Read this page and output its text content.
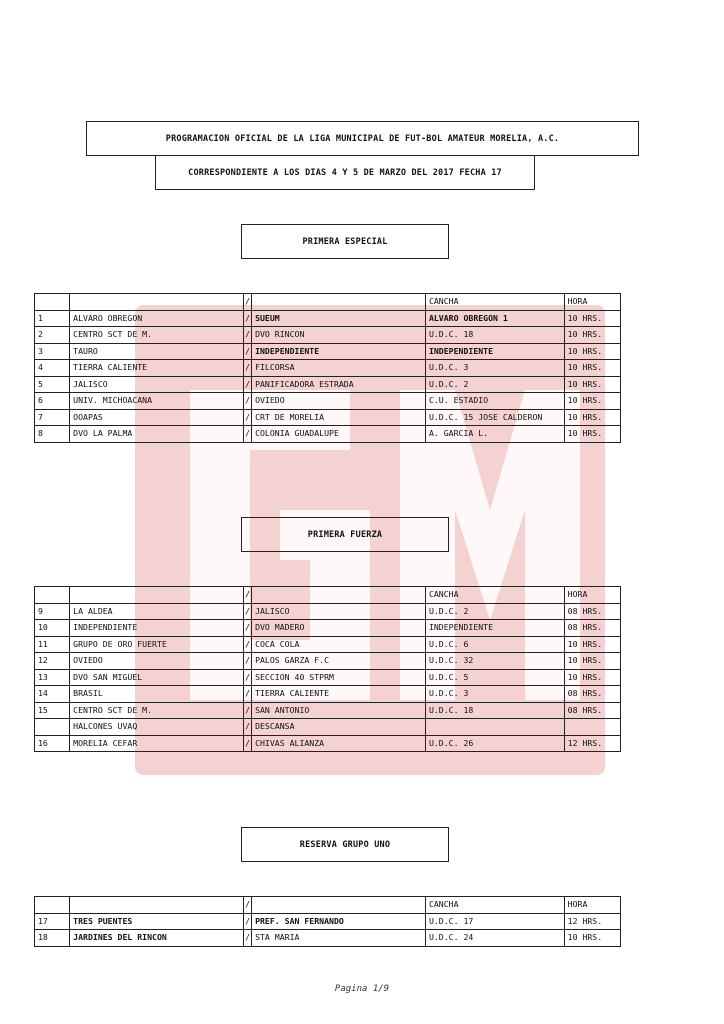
PROGRAMACION OFICIAL DE LA LIGA MUNICIPAL DE FUT-BOL AMATEUR MORELIA, A.C.
CORRESPONDIENTE A LOS DIAS 4 Y 5 DE MARZO DEL 2017 FECHA 17
PRIMERA ESPECIAL
		/		CANCHA	HORA
1	ALVARO OBREGON	/	SUEUM	ALVARO OBREGON 1	10 HRS.
2	CENTRO SCT DE M.	/	DVO RINCON	U.D.C. 18	10 HRS.
3	TAURO	/	INDEPENDIENTE	INDEPENDIENTE	10 HRS.
4	TIERRA CALIENTE	/	FILCORSA	U.D.C. 3	10 HRS.
5	JALISCO	/	PANIFICADORA ESTRADA	U.D.C. 2	10 HRS.
6	UNIV. MICHOACANA	/	OVIEDO	C.U. ESTADIO	10 HRS.
7	OOAPAS	/	CRT DE MORELIA	U.D.C. 15 JOSE CALDERON	10 HRS.
8	DVO LA PALMA	/	COLONIA GUADALUPE	A. GARCIA L.	10 HRS.
PRIMERA FUERZA
		/		CANCHA	HORA
9	LA ALDEA	/	JALISCO	U.D.C. 2	08 HRS.
10	INDEPENDIENTE	/	DVO MADERO	INDEPENDIENTE	08 HRS.
11	GRUPO DE ORO FUERTE	/	COCA COLA	U.D.C. 6	10 HRS.
12	OVIEDO	/	PALOS GARZA F.C	U.D.C. 32	10 HRS.
13	DVO SAN MIGUEL	/	SECCION 40 STPRM	U.D.C. 5	10 HRS.
14	BRASIL	/	TIERRA CALIENTE	U.D.C. 3	08 HRS.
15	CENTRO SCT DE M.	/	SAN ANTONIO	U.D.C. 18	08 HRS.
	HALCONES UVAQ	/	DESCANSA		
16	MORELIA CEFAR	/	CHIVAS ALIANZA	U.D.C. 26	12 HRS.
RESERVA GRUPO UNO
		/		CANCHA	HORA
17	TRES PUENTES	/	PREF. SAN FERNANDO	U.D.C. 17	12 HRS.
18	JARDINES DEL RINCON	/	STA MARIA	U.D.C. 24	10 HRS.
Pagina 1/9
